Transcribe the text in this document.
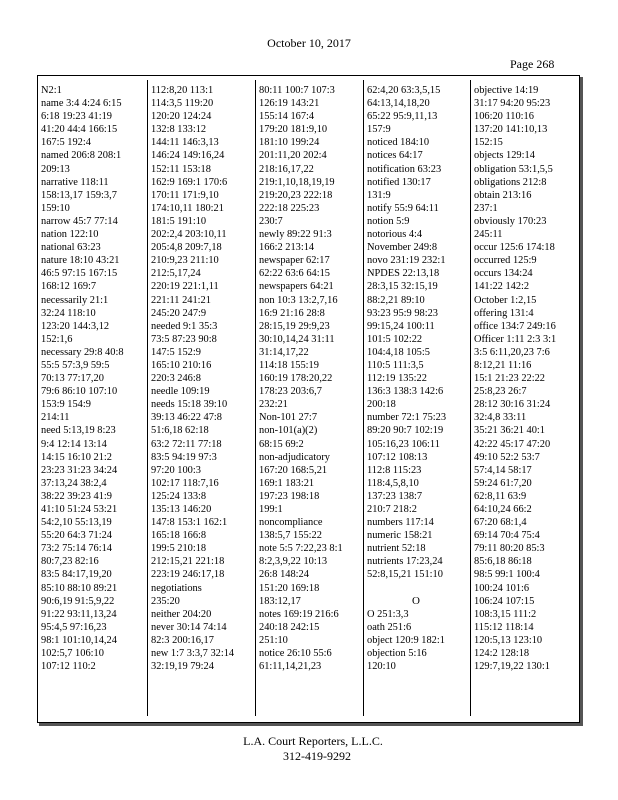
October 10, 2017
Page 268
N2:1
name 3:4 4:24 6:15
6:18 19:23 41:19
41:20 44:4 166:15
167:5 192:4
named 206:8 208:1
209:13
narrative 118:11
158:13,17 159:3,7
159:10
narrow 45:7 77:14
nation 122:10
national 63:23
nature 18:10 43:21
46:5 97:15 167:15
168:12 169:7
necessarily 21:1
32:24 118:10
123:20 144:3,12
152:1,6
necessary 29:8 40:8
55:5 57:3,9 59:5
70:13 77:17,20
79:6 86:10 107:10
153:9 154:9
214:11
need 5:13,19 8:23
9:4 12:14 13:14
14:15 16:10 21:2
23:23 31:23 34:24
37:13,24 38:2,4
38:22 39:23 41:9
41:10 51:24 53:21
54:2,10 55:13,19
55:20 64:3 71:24
73:2 75:14 76:14
80:7,23 82:16
83:5 84:17,19,20
85:10 88:10 89:21
90:6,19 91:5,9,22
91:22 93:11,13,24
95:4,5 97:16,23
98:1 101:10,14,24
102:5,7 106:10
107:12 110:2
112:8,20 113:1
114:3,5 119:20
120:20 124:24
132:8 133:12
144:11 146:3,13
146:24 149:16,24
152:11 153:18
162:9 169:1 170:6
170:11 171:9,10
174:10,11 180:21
181:5 191:10
202:2,4 203:10,11
205:4,8 209:7,18
210:9,23 211:10
212:5,17,24
220:19 221:1,11
221:11 241:21
245:20 247:9
needed 9:1 35:3
73:5 87:23 90:8
147:5 152:9
165:10 210:16
220:3 246:8
needle 109:19
needs 15:18 39:10
39:13 46:22 47:8
51:6,18 62:18
63:2 72:11 77:18
83:5 94:19 97:3
97:20 100:3
102:17 118:7,16
125:24 133:8
135:13 146:20
147:8 153:1 162:1
165:18 166:8
199:5 210:18
212:15,21 221:18
223:19 246:17,18
negotiations
235:20
neither 204:20
never 30:14 74:14
82:3 200:16,17
new 1:7 3:3,7 32:14
32:19,19 79:24
80:11 100:7 107:3
126:19 143:21
155:14 167:4
179:20 181:9,10
181:10 199:24
201:11,20 202:4
218:16,17,22
219:1,10,18,19,19
219:20,23 222:18
222:18 225:23
230:7
newly 89:22 91:3
166:2 213:14
newspaper 62:17
62:22 63:6 64:15
newspapers 64:21
non 10:3 13:2,7,16
16:9 21:16 28:8
28:15,19 29:9,23
30:10,14,24 31:11
31:14,17,22
114:18 155:19
160:19 178:20,22
178:23 203:6,7
232:21
Non-101 27:7
non-101(a)(2)
68:15 69:2
non-adjudicatory
167:20 168:5,21
169:1 183:21
197:23 198:18
199:1
noncompliance
138:5,7 155:22
note 5:5 7:22,23 8:1
8:2,3,9,22 10:13
26:8 148:24
151:20 169:18
183:12,17
notes 169:19 216:6
240:18 242:15
251:10
notice 26:10 55:6
61:11,14,21,23
62:4,20 63:3,5,15
64:13,14,18,20
65:22 95:9,11,13
157:9
noticed 184:10
notices 64:17
notification 63:23
notified 130:17
131:9
notify 55:9 64:11
notion 5:9
notorious 4:4
November 249:8
novo 231:19 232:1
NPDES 22:13,18
28:3,15 32:15,19
88:2,21 89:10
93:23 95:9 98:23
99:15,24 100:11
101:5 102:22
104:4,18 105:5
110:5 111:3,5
112:19 135:22
136:3 138:3 142:6
200:18
number 72:1 75:23
89:20 90:7 102:19
105:16,23 106:11
107:12 108:13
112:8 115:23
118:4,5,8,10
137:23 138:7
210:7 218:2
numbers 117:14
numeric 158:21
nutrient 52:18
nutrients 17:23,24
52:8,15,21 151:10

O
O 251:3,3
oath 251:6
object 120:9 182:1
objection 5:16
120:10
objective 14:19
31:17 94:20 95:23
106:20 110:16
137:20 141:10,13
152:15
objects 129:14
obligation 53:1,5,5
obligations 212:8
obtain 213:16
237:1
obviously 170:23
245:11
occur 125:6 174:18
occurred 125:9
occurs 134:24
141:22 142:2
October 1:2,15
offering 131:4
office 134:7 249:16
Officer 1:11 2:3 3:1
3:5 6:11,20,23 7:6
8:12,21 11:16
15:1 21:23 22:22
25:8,23 26:7
28:12 30:16 31:24
32:4,8 33:11
35:21 36:21 40:1
42:22 45:17 47:20
49:10 52:2 53:7
57:4,14 58:17
59:24 61:7,20
62:8,11 63:9
64:10,24 66:2
67:20 68:1,4
69:14 70:4 75:4
79:11 80:20 85:3
85:6,18 86:18
98:5 99:1 100:4
100:24 101:6
106:24 107:15
108:3,15 111:2
115:12 118:14
120:5,13 123:10
124:2 128:18
129:7,19,22 130:1
L.A. Court Reporters, L.L.C.
312-419-9292
